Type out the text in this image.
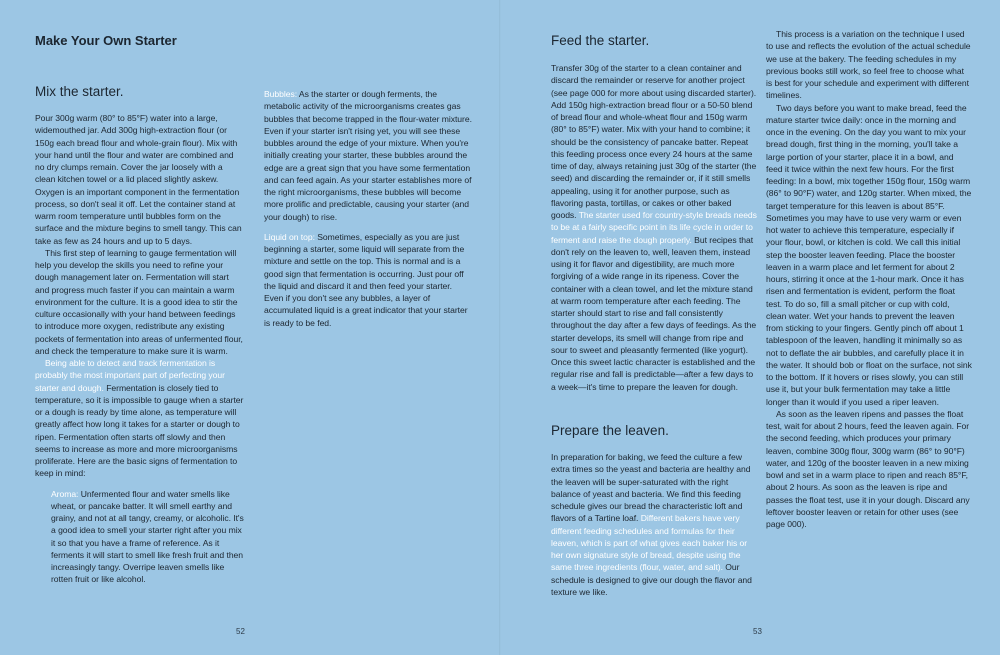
Make Your Own Starter
Mix the starter.

Pour 300g warm (80° to 85°F) water into a large, widemouthed jar. Add 300g high-extraction flour (or 150g each bread flour and whole-grain flour). Mix with your hand until the flour and water are combined and no dry clumps remain. Cover the jar loosely with a clean kitchen towel or a lid placed slightly askew. Oxygen is an important component in the fermentation process, so don't seal it off. Let the container stand at warm room temperature until bubbles form on the surface and the mixture begins to smell tangy. This can take as few as 24 hours and up to 5 days.

This first step of learning to gauge fermentation will help you develop the skills you need to refine your dough management later on. Fermentation will start and progress much faster if you can maintain a warm environment for the culture. It is a good idea to stir the culture occasionally with your hand between feedings to introduce more oxygen, redistribute any existing pockets of fermentation into areas of unfermented flour, and check the temperature to make sure it is warm.

Being able to detect and track fermentation is probably the most important part of perfecting your starter and dough. Fermentation is closely tied to temperature, so it is impossible to gauge when a starter or a dough is ready by time alone, as temperature will greatly affect how long it takes for a starter or dough to ripen. Fermentation often starts off slowly and then seems to increase as more and more microorganisms proliferate. Here are the basic signs of fermentation to keep in mind:

Aroma: Unfermented flour and water smells like wheat, or pancake batter. It will smell earthy and grainy, and not at all tangy, creamy, or alcoholic. It's a good idea to smell your starter right after you mix it so that you have a frame of reference. As it ferments it will start to smell like fresh fruit and then increasingly tangy. Overripe leaven smells like rotten fruit or like alcohol.

Bubbles: As the starter or dough ferments, the metabolic activity of the microorganisms creates gas bubbles that become trapped in the flour-water mixture. Even if your starter isn't rising yet, you will see these bubbles around the edge of your mixture. When you're initially creating your starter, these bubbles around the edge are a great sign that you have some fermentation and can feed again. As your starter establishes more of the right microorganisms, these bubbles will become more prolific and predictable, causing your starter (and your dough) to rise.

Liquid on top: Sometimes, especially as you are just beginning a starter, some liquid will separate from the mixture and settle on the top. This is normal and is a good sign that fermentation is occurring. Just pour off the liquid and discard it and then feed your starter. Even if you don't see any bubbles, a layer of accumulated liquid is a great indicator that your starter is ready to be fed.

52
Feed the starter.

Transfer 30g of the starter to a clean container and discard the remainder or reserve for another project (see page 000 for more about using discarded starter). Add 150g high-extraction bread flour or a 50-50 blend of bread flour and whole-wheat flour and 150g warm (80° to 85°F) water. Mix with your hand to combine; it should be the consistency of pancake batter. Repeat this feeding process once every 24 hours at the same time of day, always retaining just 30g of the starter (the seed) and discarding the remainder or, if it still smells appealing, using it for another purpose, such as flavoring pasta, tortillas, or cakes or other baked goods. The starter used for country-style breads needs to be at a fairly specific point in its life cycle in order to ferment and raise the dough properly. But recipes that don't rely on the leaven to, well, leaven them, instead using it for flavor and digestibility, are much more forgiving of a wide range in its ripeness. Cover the container with a clean towel, and let the mixture stand at warm room temperature after each feeding. The starter should start to rise and fall consistently throughout the day after a few days of feedings. As the starter develops, its smell will change from ripe and sour to sweet and pleasantly fermented (like yogurt). Once this sweet lactic character is established and the regular rise and fall is predictable—after a few days to a week—it's time to prepare the leaven for dough.

Prepare the leaven.

In preparation for baking, we feed the culture a few extra times so the yeast and bacteria are healthy and the leaven will be super-saturated with the right balance of yeast and bacteria. We find this feeding schedule gives our bread the characteristic loft and flavors of a Tartine loaf. Different bakers have very different feeding schedules and formulas for their leaven, which is part of what gives each baker his or her own signature style of bread, despite using the same three ingredients (flour, water, and salt). Our schedule is designed to give our dough the flavor and texture we like.

This process is a variation on the technique I used to use and reflects the evolution of the actual schedule we use at the bakery. The feeding schedules in my previous books still work, so feel free to choose what is best for your schedule and experiment with different timelines.

Two days before you want to make bread, feed the mature starter twice daily: once in the morning and once in the evening. On the day you want to mix your bread dough, first thing in the morning, you'll take a large portion of your starter, place it in a bowl, and feed it twice within the next few hours. For the first feeding: In a bowl, mix together 150g flour, 150g warm (86° to 90°F) water, and 120g starter. When mixed, the target temperature for this leaven is about 85°F. Sometimes you may have to use very warm or even hot water to achieve this temperature, especially if your flour, bowl, or kitchen is cold. We call this initial step the booster leaven feeding. Place the booster leaven in a warm place and let ferment for about 2 hours, stirring it once at the 1-hour mark. Once it has risen and fermentation is evident, perform the float test. To do so, fill a small pitcher or cup with cold, clean water. Wet your hands to prevent the leaven from sticking to your fingers. Gently pinch off about 1 tablespoon of the leaven, handling it minimally so as not to deflate the air bubbles, and carefully place it in the water. It should bob or float on the surface, not sink to the bottom. If it hovers or rises slowly, you can still use it, but your bulk fermentation may take a little longer than it would if you used a riper leaven.

As soon as the leaven ripens and passes the float test, wait for about 2 hours, feed the leaven again. For the second feeding, which produces your primary leaven, combine 300g flour, 300g warm (86° to 90°F) water, and 120g of the booster leaven in a new mixing bowl and set in a warm place to ripen and reach 85°F, about 2 hours. As soon as the leaven is ripe and passes the float test, use it in your dough. Discard any leftover booster leaven or retain for other uses (see page 000).

53
